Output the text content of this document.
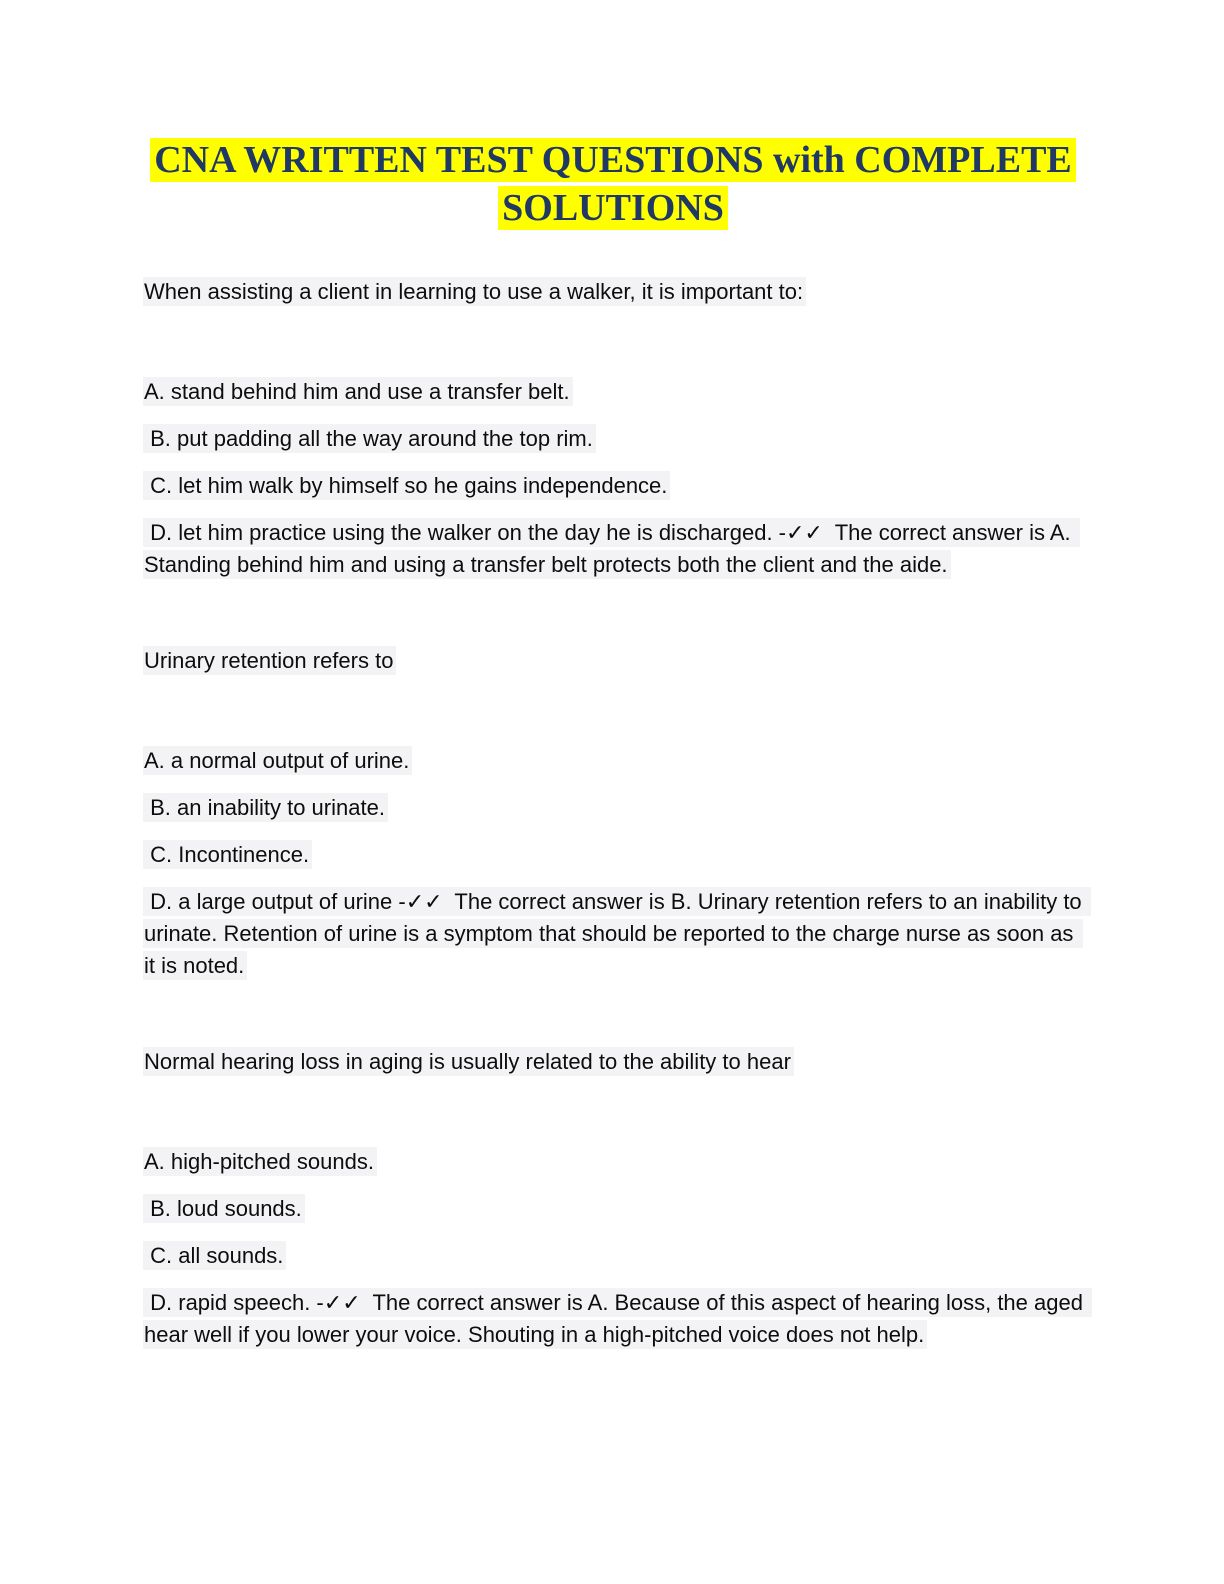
CNA WRITTEN TEST QUESTIONS with COMPLETE
SOLUTIONS

When assisting a client in learning to use a walker, it is important to:

A. stand behind him and use a transfer belt.

B. put padding all the way around the top rim.

C. let him walk by himself so he gains independence.

D. let him practice using the walker on the day he is discharged. -✓✓  The correct answer is A. Standing behind him and using a transfer belt protects both the client and the aide.

Urinary retention refers to

A. a normal output of urine.

B. an inability to urinate.

C. Incontinence.

D. a large output of urine -✓✓  The correct answer is B. Urinary retention refers to an inability to urinate. Retention of urine is a symptom that should be reported to the charge nurse as soon as it is noted.

Normal hearing loss in aging is usually related to the ability to hear

A. high-pitched sounds.

B. loud sounds.

C. all sounds.

D. rapid speech. -✓✓  The correct answer is A. Because of this aspect of hearing loss, the aged hear well if you lower your voice. Shouting in a high-pitched voice does not help.
